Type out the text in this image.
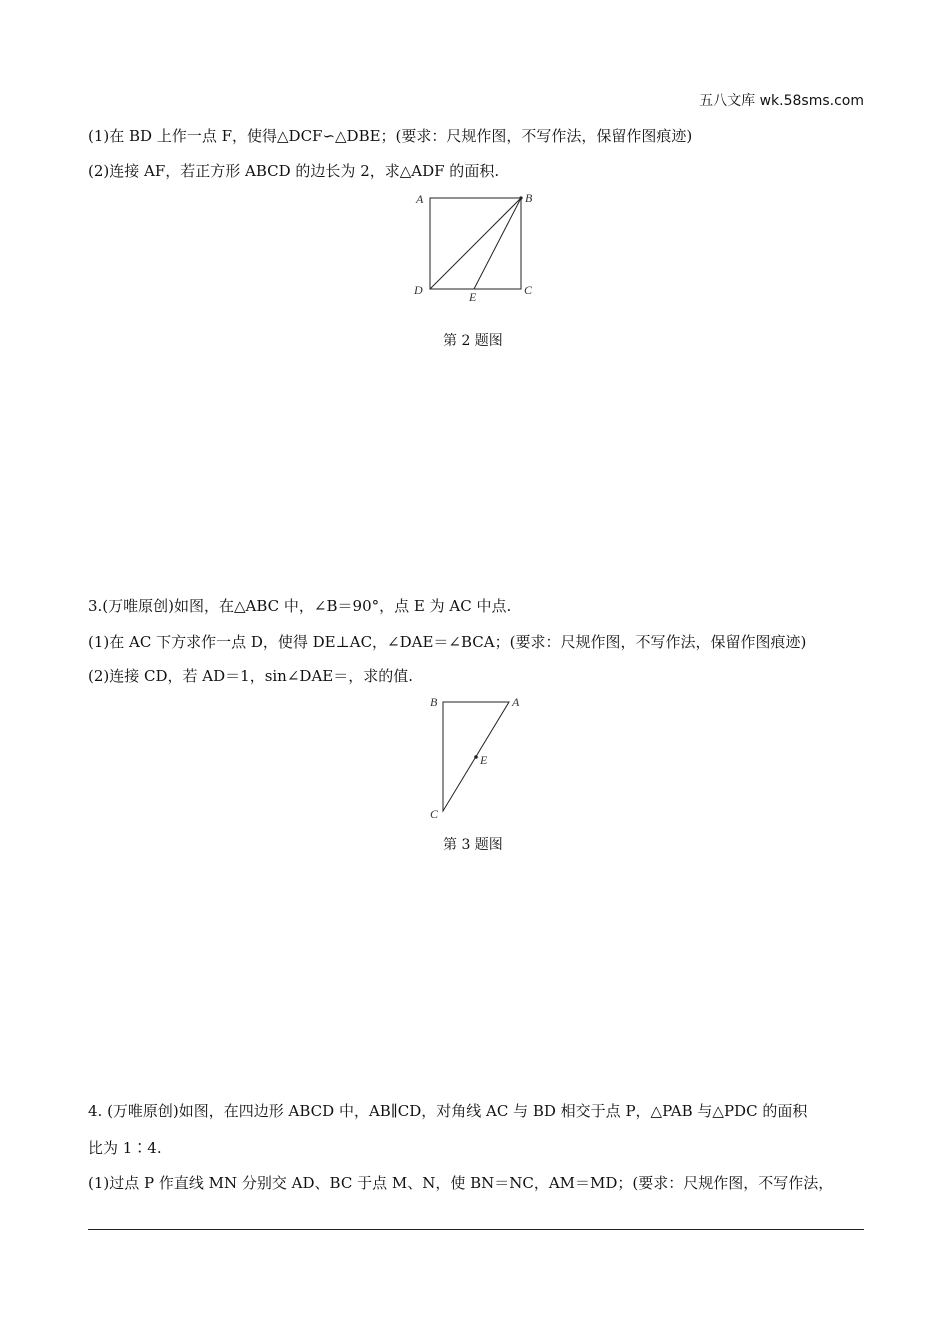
五八文库 wk.58sms.com
(1)在 BD 上作一点 F，使得△DCF∽△DBE；(要求：尺规作图，不写作法，保留作图痕迹)
(2)连接 AF，若正方形 ABCD 的边长为 2，求△ADF 的面积.
A	B
C
D	E
第 2 题图
3.(万唯原创)如图，在△ABC 中，∠B＝90°，点 E 为 AC 中点.
(1)在 AC 下方求作一点 D，使得 DE⊥AC，∠DAE＝∠BCA；(要求：尺规作图，不写作法，保留作图痕迹)
(2)连接 CD，若 AD＝1，sin∠DAE＝，求的值.
B	A
E
C
第 3 题图
4. (万唯原创)如图，在四边形 ABCD 中，AB∥CD，对角线 AC 与 BD 相交于点 P，△PAB 与△PDC 的面积
比为 1∶4.
(1)过点 P 作直线 MN 分别交 AD、BC 于点 M、N，使 BN＝NC，AM＝MD；(要求：尺规作图，不写作法，
